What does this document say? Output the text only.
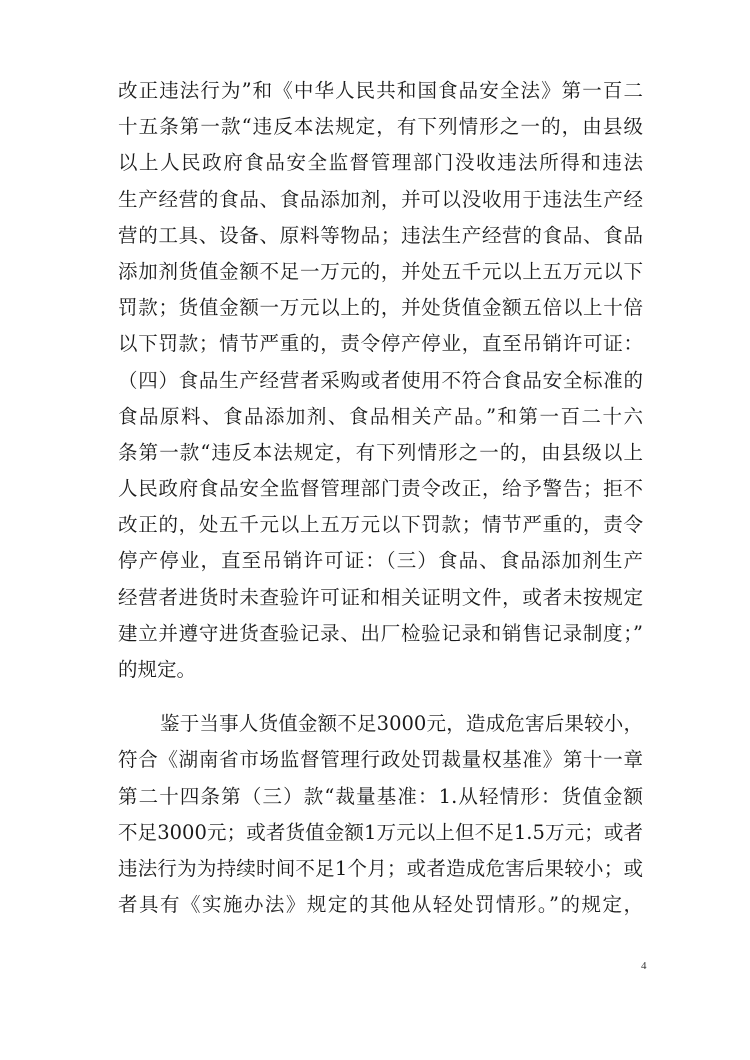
改正违法行为”和《中华人民共和国食品安全法》第一百二
十五条第一款“违反本法规定，有下列情形之一的，由县级
以上人民政府食品安全监督管理部门没收违法所得和违法
生产经营的食品、食品添加剂，并可以没收用于违法生产经
营的工具、设备、原料等物品；违法生产经营的食品、食品
添加剂货值金额不足一万元的，并处五千元以上五万元以下
罚款；货值金额一万元以上的，并处货值金额五倍以上十倍
以下罚款；情节严重的，责令停产停业，直至吊销许可证：
（四）食品生产经营者采购或者使用不符合食品安全标准的
食品原料、食品添加剂、食品相关产品。”和第一百二十六
条第一款“违反本法规定，有下列情形之一的，由县级以上
人民政府食品安全监督管理部门责令改正，给予警告；拒不
改正的，处五千元以上五万元以下罚款；情节严重的，责令
停产停业，直至吊销许可证：（三）食品、食品添加剂生产
经营者进货时未查验许可证和相关证明文件，或者未按规定
建立并遵守进货查验记录、出厂检验记录和销售记录制度；”
的规定。
鉴于当事人货值金额不足3000元，造成危害后果较小，
符合《湖南省市场监督管理行政处罚裁量权基准》第十一章
第二十四条第（三）款“裁量基准：1.从轻情形：货值金额
不足3000元；或者货值金额1万元以上但不足1.5万元；或者
违法行为为持续时间不足1个月；或者造成危害后果较小；或
者具有《实施办法》规定的其他从轻处罚情形。”的规定，
4
